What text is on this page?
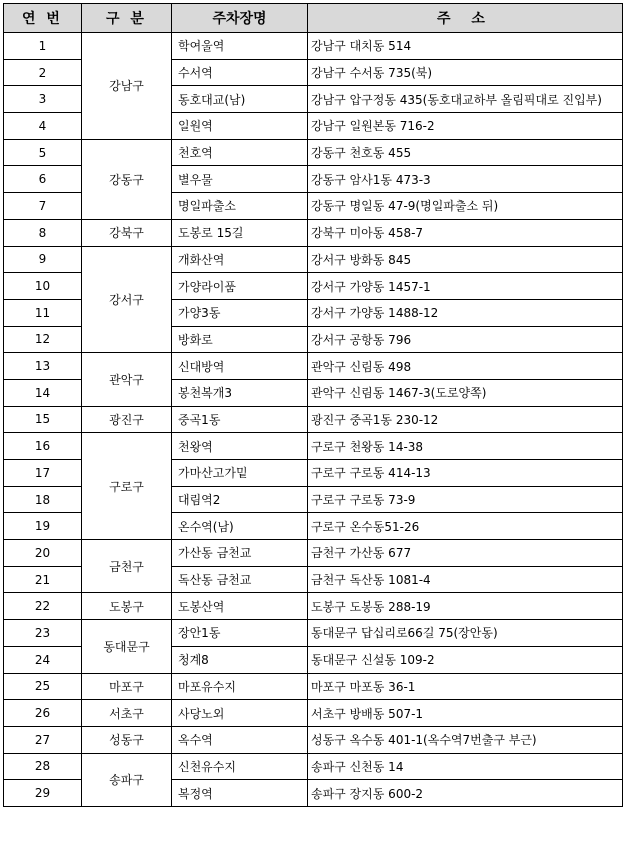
연 번	구 분	주차장명	주 소
1	강남구	학여울역	강남구 대치동 514
2		수서역	강남구 수서동 735(북)
3		동호대교(남)	강남구 압구정동 435(동호대교하부 올림픽대로 진입부)
4		일원역	강남구 일원본동 716-2
5	강동구	천호역	강동구 천호동 455
6		별우물	강동구 암사1동 473-3
7		명일파출소	강동구 명일동 47-9(명일파출소 뒤)
8	강북구	도봉로 15길	강북구 미아동 458-7
9	강서구	개화산역	강서구 방화동 845
10		가양라이품	강서구 가양동 1457-1
11		가양3동	강서구 가양동 1488-12
12		방화로	강서구 공항동 796
13	관악구	신대방역	관악구 신림동 498
14		봉천복개3	관악구 신림동 1467-3(도로양쪽)
15	광진구	중곡1동	광진구 중곡1동 230-12
16	구로구	천왕역	구로구 천왕동 14-38
17		가마산고가밑	구로구 구로동 414-13
18		대림역2	구로구 구로동 73-9
19		온수역(남)	구로구 온수동51-26
20	금천구	가산동 금천교	금천구 가산동 677
21		독산동 금천교	금천구 독산동 1081-4
22	도봉구	도봉산역	도봉구 도봉동 288-19
23	동대문구	장안1동	동대문구 답십리로66길 75(장안동)
24		청계8	동대문구 신설동 109-2
25	마포구	마포유수지	마포구 마포동 36-1
26	서초구	사당노외	서초구 방배동 507-1
27	성동구	옥수역	성동구 옥수동 401-1(옥수역7번출구 부근)
28	송파구	신천유수지	송파구 신천동 14
29		복정역	송파구 장지동 600-2
